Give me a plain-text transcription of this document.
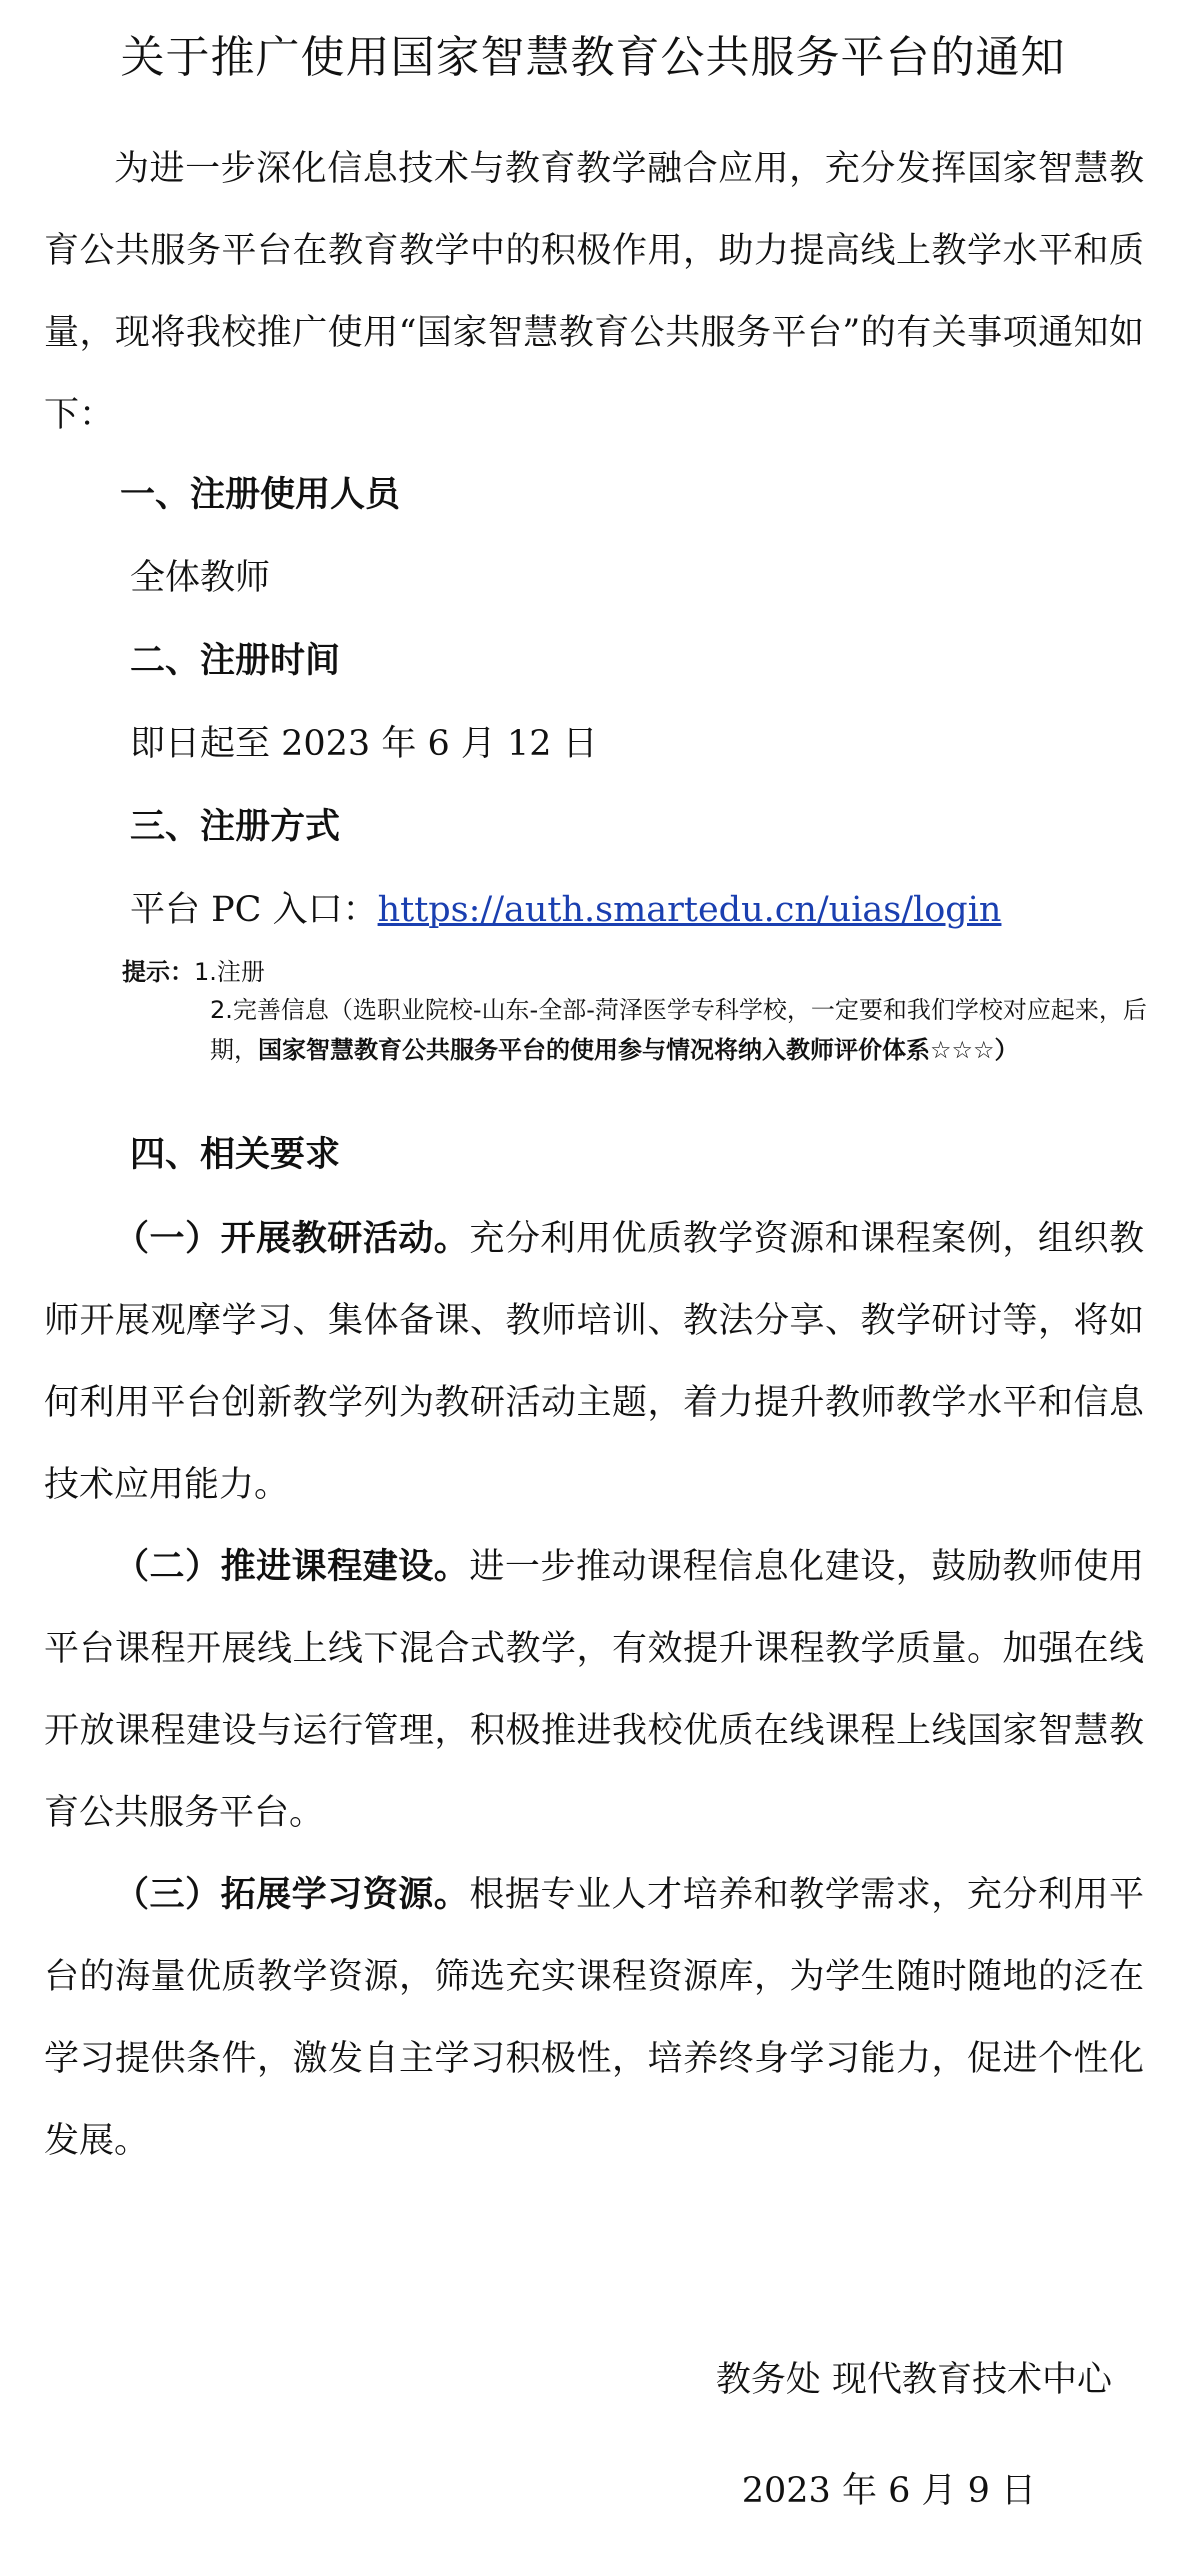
关于推广使用国家智慧教育公共服务平台的通知

为进一步深化信息技术与教育教学融合应用，充分发挥国家智慧教育公共服务平台在教育教学中的积极作用，助力提高线上教学水平和质量，现将我校推广使用“国家智慧教育公共服务平台”的有关事项通知如下：

一、注册使用人员
全体教师
二、注册时间
即日起至 2023 年 6 月 12 日
三、注册方式
平台 PC 入口：https://auth.smartedu.cn/uias/login
提示：1.注册

2.完善信息（选职业院校-山东-全部-菏泽医学专科学校，一定要和我们学校对应起来，后期，国家智慧教育公共服务平台的使用参与情况将纳入教师评价体系☆☆☆）

四、相关要求

（一）开展教研活动。充分利用优质教学资源和课程案例，组织教师开展观摩学习、集体备课、教师培训、教法分享、教学研讨等，将如何利用平台创新教学列为教研活动主题，着力提升教师教学水平和信息技术应用能力。

（二）推进课程建设。进一步推动课程信息化建设，鼓励教师使用平台课程开展线上线下混合式教学，有效提升课程教学质量。加强在线开放课程建设与运行管理，积极推进我校优质在线课程上线国家智慧教育公共服务平台。

（三）拓展学习资源。根据专业人才培养和教学需求，充分利用平台的海量优质教学资源，筛选充实课程资源库，为学生随时随地的泛在学习提供条件，激发自主学习积极性，培养终身学习能力，促进个性化发展。

教务处 现代教育技术中心
2023 年 6 月 9 日
